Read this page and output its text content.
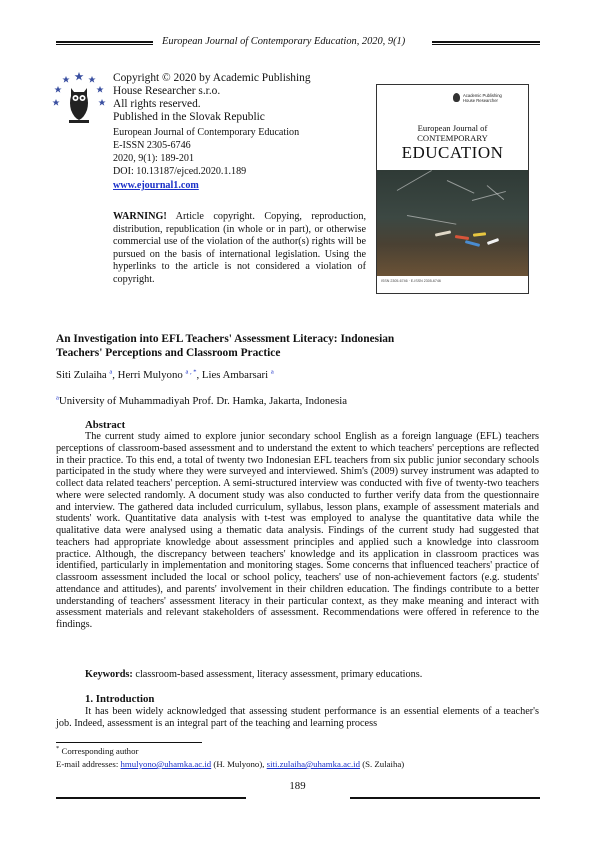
European Journal of Contemporary Education, 2020, 9(1)
Copyright © 2020 by Academic Publishing
House Researcher s.r.o.
All rights reserved.
Published in the Slovak Republic
European Journal of Contemporary Education
E-ISSN 2305-6746
2020, 9(1): 189-201
DOI: 10.13187/ejced.2020.1.189
www.ejournal1.com
WARNING! Article copyright. Copying, reproduction, distribution, republication (in whole or in part), or otherwise commercial use of the violation of the author(s) rights will be pursued on the basis of international legislation. Using the hyperlinks to the article is not considered a violation of copyright.
Academic Publishing
House Researcher
European Journal of
CONTEMPORARY
EDUCATION
ISSN 2305-6746 · E-ISSN 2305-6746
An Investigation into EFL Teachers' Assessment Literacy: Indonesian
Teachers' Perceptions and Classroom Practice
Siti Zulaiha $^a$, Herri Mulyono $^{a , *}$, Lies Ambarsari $^a$
$^a$University of Muhammadiyah Prof. Dr. Hamka, Jakarta, Indonesia
Abstract

The current study aimed to explore junior secondary school English as a foreign language (EFL) teachers perceptions of classroom-based assessment and to understand the extent to which teachers' perceptions are reflected in their practice. To this end, a total of twenty two Indonesian EFL teachers from six public junior secondary schools participated in the study where they were surveyed and interviewed. Shim's (2009) survey instrument was adapted to collect data related teachers' perception. A semi-structured interview was conducted with five of twenty-two teachers where were selected randomly. A document study was also conducted to further verify data from the questionnaire and interview. The gathered data included curriculum, syllabus, lesson plans, example of assessment materials and students' work. Quantitative data analysis with t-test was employed to analyse the quantitative data while the qualitative data were analysed using a thematic data analysis. Findings of the current study had suggested that teachers had appropriate knowledge about assessment principles and applied such a knowledge into classroom practice. Although, the discrepancy between teachers' knowledge and its application in classroom practices was identified, particularly in implementation and monitoring stages. Some concerns that influenced teachers' practice of classroom assessment included the local or school policy, teachers' use of non-achievement factors (e.g. students' attendance and attitudes), and parents' involvement in their children education. The findings contribute to a better understanding of teachers' assessment literacy in their particular context, as they make meaning and interact with assessment materials and relevant stakeholders of assessment. Recommendations were offered in reference to the findings.

Keywords: classroom-based assessment, literacy assessment, primary educations.
1. Introduction

It has been widely acknowledged that assessing student performance is an essential elements of a teacher's job. Indeed, assessment is an integral part of the teaching and learning process

* Corresponding author
E-mail addresses: hmulyono@uhamka.ac.id (H. Mulyono), siti.zulaiha@uhamka.ac.id (S. Zulaiha)
189
